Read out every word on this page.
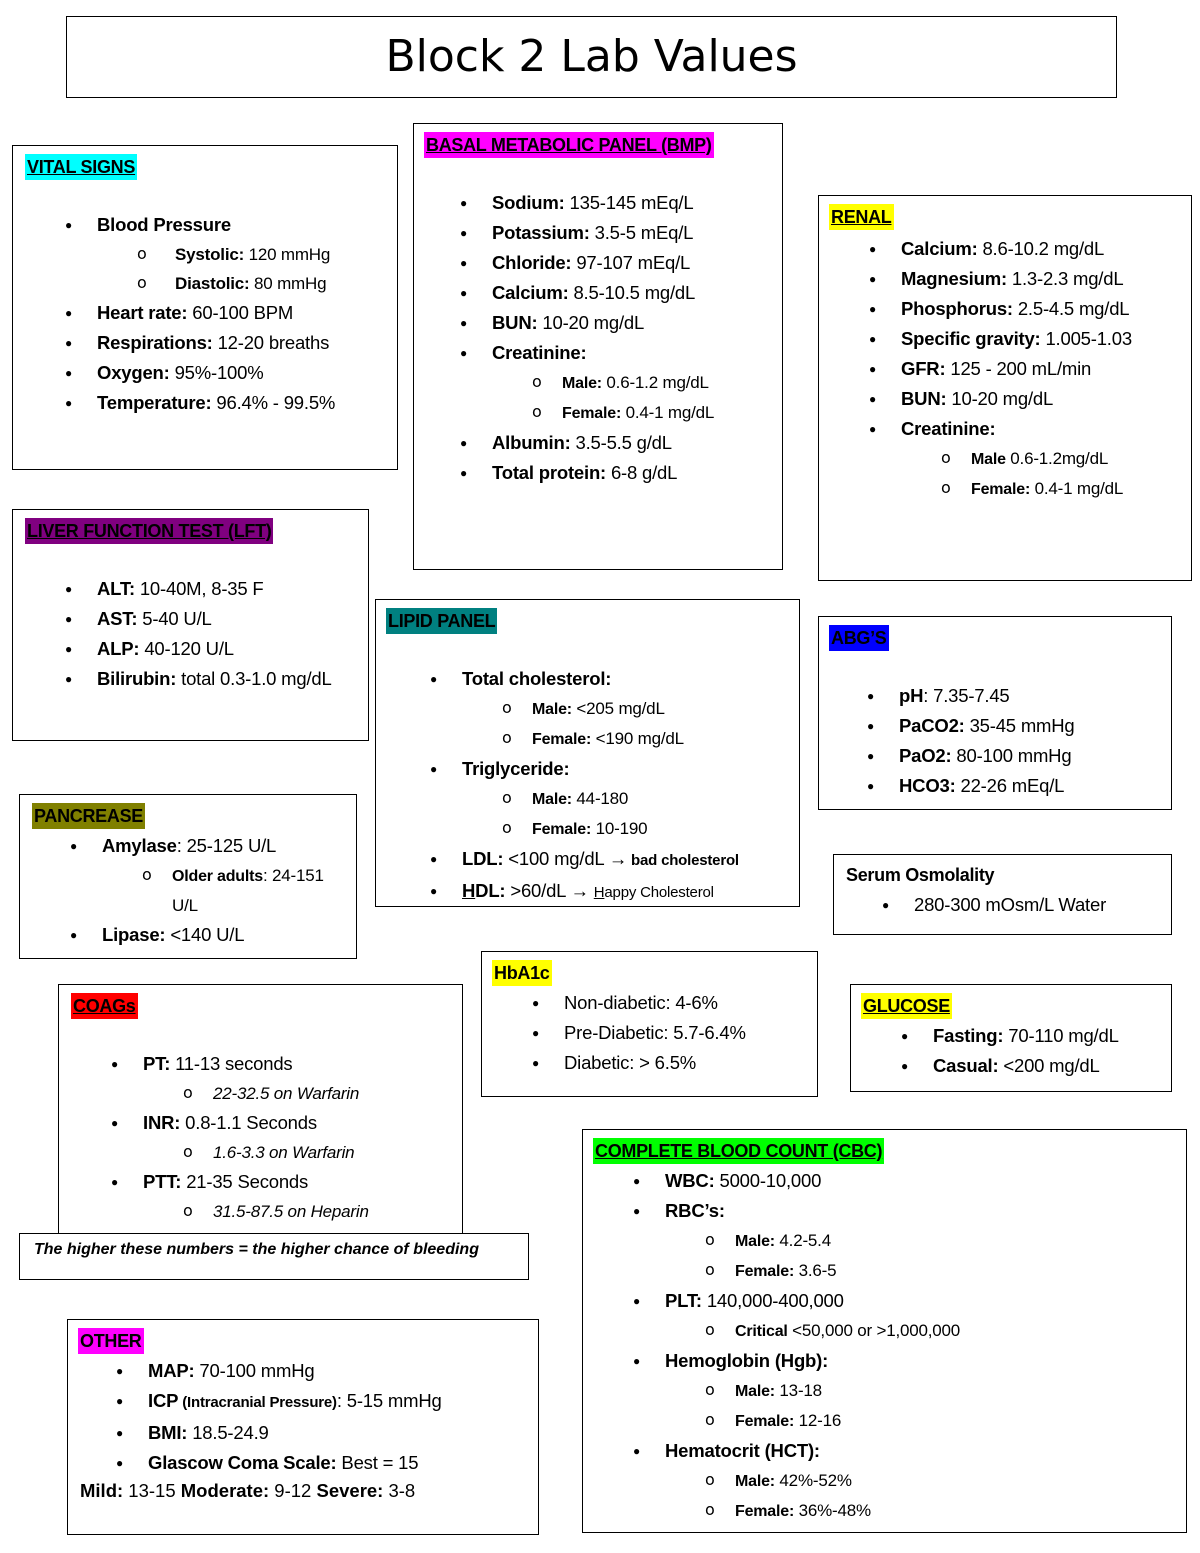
Block 2 Lab Values
VITAL SIGNS
● Blood Pressure
o Systolic: 120 mmHg
o Diastolic: 80 mmHg
● Heart rate: 60-100 BPM
● Respirations: 12-20 breaths
● Oxygen: 95%-100%
● Temperature: 96.4% - 99.5%
BASAL METABOLIC PANEL (BMP)
● Sodium: 135-145 mEq/L
● Potassium: 3.5-5 mEq/L
● Chloride: 97-107 mEq/L
● Calcium: 8.5-10.5 mg/dL
● BUN: 10-20 mg/dL
● Creatinine:
o Male: 0.6-1.2 mg/dL
o Female: 0.4-1 mg/dL
● Albumin: 3.5-5.5 g/dL
● Total protein: 6-8 g/dL
RENAL
● Calcium: 8.6-10.2 mg/dL
● Magnesium: 1.3-2.3 mg/dL
● Phosphorus: 2.5-4.5 mg/dL
● Specific gravity: 1.005-1.03
● GFR: 125 - 200 mL/min
● BUN: 10-20 mg/dL
● Creatinine:
o Male 0.6-1.2mg/dL
o Female: 0.4-1 mg/dL
LIVER FUNCTION TEST (LFT)
● ALT: 10-40M, 8-35 F
● AST: 5-40 U/L
● ALP: 40-120 U/L
● Bilirubin: total 0.3-1.0 mg/dL
LIPID PANEL
● Total cholesterol:
o Male: <205 mg/dL
o Female: <190 mg/dL
● Triglyceride:
o Male: 44-180
o Female: 10-190
● LDL: <100 mg/dL → bad cholesterol
● HDL: >60/dL → Happy Cholesterol
ABG’S
● pH: 7.35-7.45
● PaCO2: 35-45 mmHg
● PaO2: 80-100 mmHg
● HCO3: 22-26 mEq/L
Serum Osmolality
● 280-300 mOsm/L Water
PANCREASE
● Amylase: 25-125 U/L
o Older adults: 24-151 U/L
● Lipase: <140 U/L
COAGs
● PT: 11-13 seconds
o 22-32.5 on Warfarin
● INR: 0.8-1.1 Seconds
o 1.6-3.3 on Warfarin
● PTT: 21-35 Seconds
o 31.5-87.5 on Heparin
The higher these numbers = the higher chance of bleeding
HbA1c
● Non-diabetic: 4-6%
● Pre-Diabetic: 5.7-6.4%
● Diabetic: > 6.5%
GLUCOSE
● Fasting: 70-110 mg/dL
● Casual: <200 mg/dL
COMPLETE BLOOD COUNT (CBC)
● WBC: 5000-10,000
● RBC’s:
o Male: 4.2-5.4
o Female: 3.6-5
● PLT: 140,000-400,000
o Critical <50,000 or >1,000,000
● Hemoglobin (Hgb):
o Male: 13-18
o Female: 12-16
● Hematocrit (HCT):
o Male: 42%-52%
o Female: 36%-48%
OTHER
● MAP: 70-100 mmHg
● ICP (Intracranial Pressure): 5-15 mmHg
● BMI: 18.5-24.9
● Glascow Coma Scale: Best = 15
Mild: 13-15 Moderate: 9-12 Severe: 3-8
